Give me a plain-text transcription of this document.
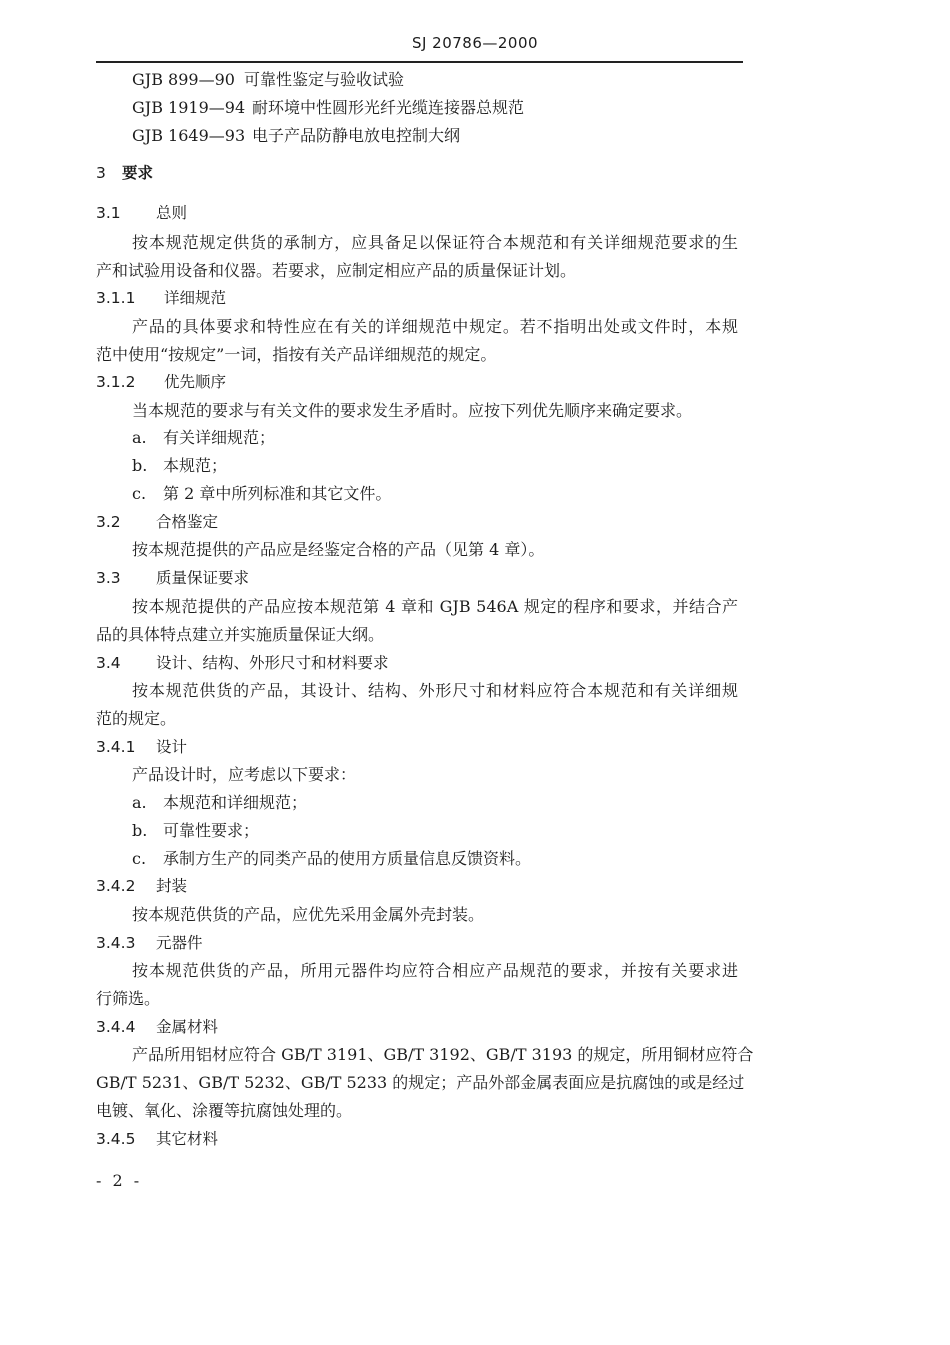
SJ 20786—2000
GJB 899—90 可靠性鉴定与验收试验
GJB 1919—94 耐环境中性圆形光纤光缆连接器总规范
GJB 1649—93 电子产品防静电放电控制大纲
3 要求
3.1 总则
按本规范规定供货的承制方，应具备足以保证符合本规范和有关详细规范要求的生
产和试验用设备和仪器。若要求，应制定相应产品的质量保证计划。
3.1.1 详细规范
产品的具体要求和特性应在有关的详细规范中规定。若不指明出处或文件时，本规
范中使用“按规定”一词，指按有关产品详细规范的规定。
3.1.2 优先顺序
当本规范的要求与有关文件的要求发生矛盾时。应按下列优先顺序来确定要求。
a. 有关详细规范；
b. 本规范；
c. 第 2 章中所列标准和其它文件。
3.2 合格鉴定
按本规范提供的产品应是经鉴定合格的产品（见第 4 章）。
3.3 质量保证要求
按本规范提供的产品应按本规范第 4 章和 GJB 546A 规定的程序和要求，并结合产
品的具体特点建立并实施质量保证大纲。
3.4 设计、结构、外形尺寸和材料要求
按本规范供货的产品，其设计、结构、外形尺寸和材料应符合本规范和有关详细规
范的规定。
3.4.1 设计
产品设计时，应考虑以下要求：
a. 本规范和详细规范；
b. 可靠性要求；
c. 承制方生产的同类产品的使用方质量信息反馈资料。
3.4.2 封装
按本规范供货的产品，应优先采用金属外壳封装。
3.4.3 元器件
按本规范供货的产品，所用元器件均应符合相应产品规范的要求，并按有关要求进
行筛选。
3.4.4 金属材料
产品所用铝材应符合 GB/T 3191、GB/T 3192、GB/T 3193 的规定，所用铜材应符合
GB/T 5231、GB/T 5232、GB/T 5233 的规定；产品外部金属表面应是抗腐蚀的或是经过
电镀、氧化、涂覆等抗腐蚀处理的。
3.4.5 其它材料
- 2 -
